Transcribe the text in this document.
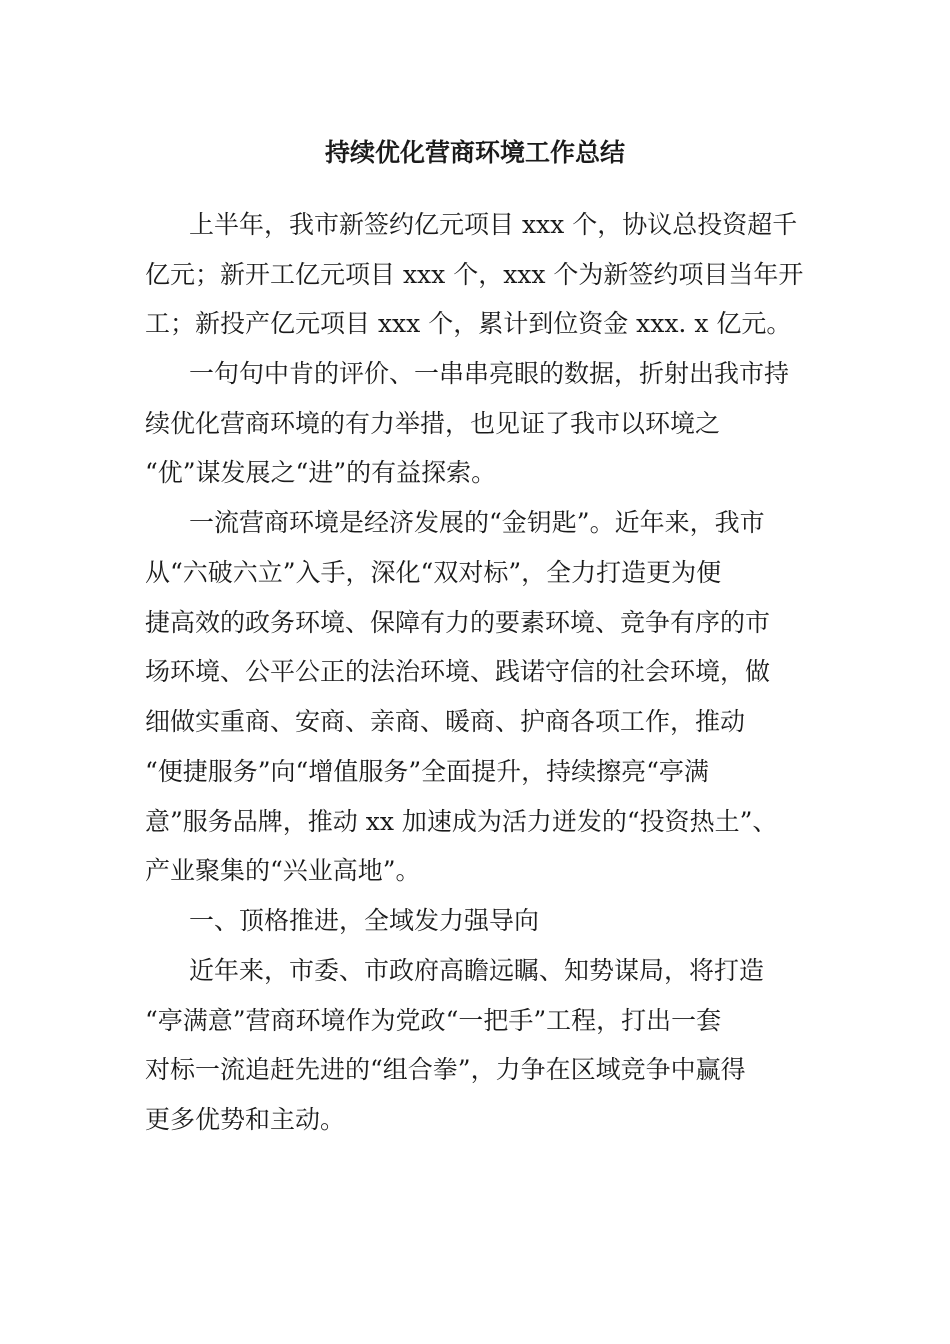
持续优化营商环境工作总结
上半年，我市新签约亿元项目 xxx 个，协议总投资超千
亿元；新开工亿元项目 xxx 个，xxx 个为新签约项目当年开
工；新投产亿元项目 xxx 个，累计到位资金 xxx. x 亿元。
一句句中肯的评价、一串串亮眼的数据，折射出我市持
续优化营商环境的有力举措，也见证了我市以环境之
“优”谋发展之“进”的有益探索。
一流营商环境是经济发展的“金钥匙”。近年来，我市
从“六破六立”入手，深化“双对标”，全力打造更为便
捷高效的政务环境、保障有力的要素环境、竞争有序的市
场环境、公平公正的法治环境、践诺守信的社会环境，做
细做实重商、安商、亲商、暖商、护商各项工作，推动
“便捷服务”向“增值服务”全面提升，持续擦亮“亭满
意”服务品牌，推动 xx 加速成为活力迸发的“投资热土”、
产业聚集的“兴业高地”。
一、顶格推进，全域发力强导向
近年来，市委、市政府高瞻远瞩、知势谋局，将打造
“亭满意”营商环境作为党政“一把手”工程，打出一套
对标一流追赶先进的“组合拳”，力争在区域竞争中赢得
更多优势和主动。
